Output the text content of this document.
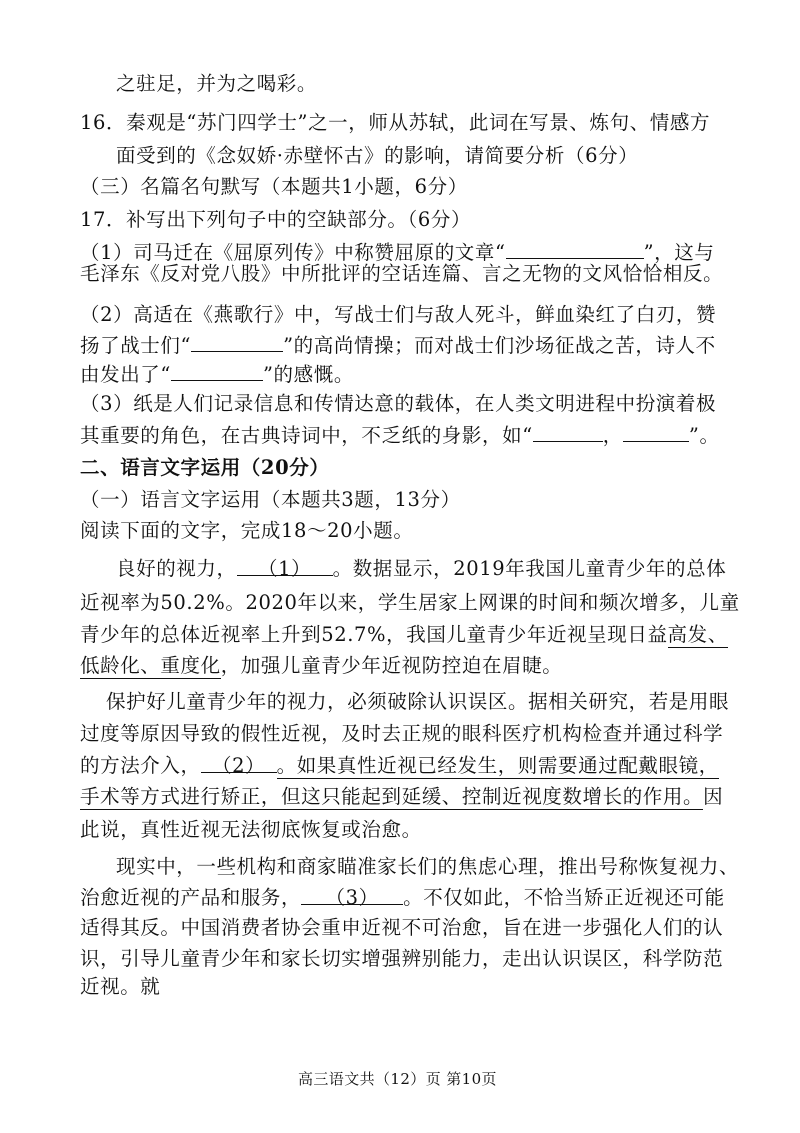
之驻足，并为之喝彩。
16．秦观是“苏门四学士”之一，师从苏轼，此词在写景、炼句、情感方
面受到的《念奴娇·赤壁怀古》的影响，请简要分析（6分）
（三）名篇名句默写（本题共1小题，6分）
17．补写出下列句子中的空缺部分。（6分）
（1）司马迁在《屈原列传》中称赞屈原的文章“	”，这与
毛泽东《反对党八股》中所批评的空话连篇、言之无物的文风恰恰相反。
（2）高适在《燕歌行》中，写战士们与敌人死斗，鲜血染红了白刃，赞
扬了战士们“	”的高尚情操；而对战士们沙场征战之苦，诗人不
由发出了“	”的感慨。
（3）纸是人们记录信息和传情达意的载体，在人类文明进程中扮演着极
其重要的角色，在古典诗词中，不乏纸的身影，如“	，	”。
二、语言文字运用（20分）
（一）语言文字运用（本题共3题，13分）
阅读下面的文字，完成18～20小题。
良好的视力， （1） 。数据显示，2019年我国儿童青少年的总体
近视率为50.2%。2020年以来，学生居家上网课的时间和频次增多，儿童
青少年的总体近视率上升到52.7%，我国儿童青少年近视呈现日益高发、
低龄化、重度化，加强儿童青少年近视防控迫在眉睫。
保护好儿童青少年的视力，必须破除认识误区。据相关研究，若是用眼
过度等原因导致的假性近视，及时去正规的眼科医疗机构检查并通过科学
的方法介入， （2） 。如果真性近视已经发生，则需要通过配戴眼镜，
手术等方式进行矫正，但这只能起到延缓、控制近视度数增长的作用。因
此说，真性近视无法彻底恢复或治愈。
现实中，一些机构和商家瞄准家长们的焦虑心理，推出号称恢复视力、
治愈近视的产品和服务， （3） 。不仅如此，不恰当矫正近视还可能
适得其反。中国消费者协会重申近视不可治愈，旨在进一步强化人们的认
识，引导儿童青少年和家长切实增强辨别能力，走出认识误区，科学防范
近视。就
高三语文共（12）页 第10页
